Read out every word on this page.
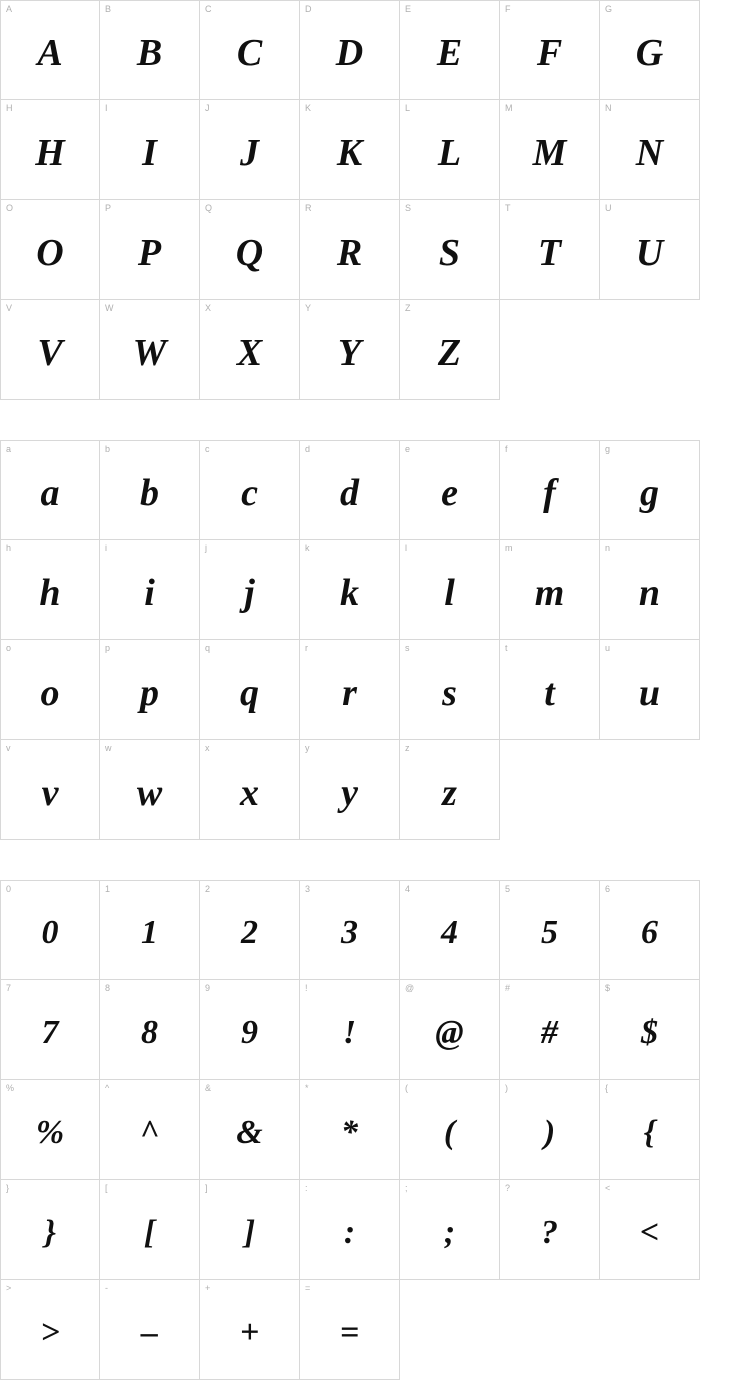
A
A
B
B
C
C
D
D
E
E
F
F
G
G
H
H
I
I
J
J
K
K
L
L
M
M
N
N
O
O
P
P
Q
Q
R
R
S
S
T
T
U
U
V
V
W
W
X
X
Y
Y
Z
Z
a
a
b
b
c
c
d
d
e
e
f
f
g
g
h
h
i
i
j
j
k
k
l
l
m
m
n
n
o
o
p
p
q
q
r
r
s
s
t
t
u
u
v
v
w
w
x
x
y
y
z
z
0
0
1
1
2
2
3
3
4
4
5
5
6
6
7
7
8
8
9
9
!
!
@
@
#
#
$
$
%
%
^
^
&
&
*
*
(
(
)
)
{
{
}
}
[
[
]
]
:
:
;
;
?
?
<
<
>
>
-
–
+
+
=
=
